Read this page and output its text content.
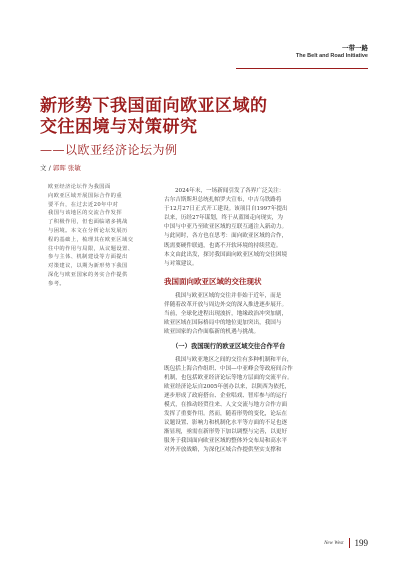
一带一路
The Belt and Road Initiative
新形势下我国面向欧亚区域的
交往困境与对策研究
——以欧亚经济论坛为例
文 / 郭晖 张敏
欧亚经济论坛作为我国面
向欧亚区域开展国际合作的重
要平台，在过去近20年中对
我国与该地区的交流合作发挥
了积极作用，但也面临诸多挑战
与困境。本文在分析论坛发展历
程的基础上，梳理其在欧亚区域交
往中的作用与局限，从议题设置、
参与主体、机制建设等方面提出
对策建议，以期为新形势下我国
深化与欧亚国家的务实合作提供
参考。

2024年末，一场新闻引发了各界广泛关注：

古尔吉斯斯坦总统扎帕罗夫宣布，中吉乌铁路将

于12月27日正式开工建设。该项目自1997年提出

以来，历经27年谋划，终于从蓝图走向现实，为

中国与中亚乃至欧亚区域的互联互通注入新动力。

与此同时，各方也在思考：面向欧亚区域的合作，

既需要硬件联通，也离不开软环境的持续营造。

本文由此出发，探讨我国面向欧亚区域的交往困境

与对策建议。

我国面向欧亚区域的交往现状

我国与欧亚区域的交往并非始于近年，而是

伴随着改革开放与周边外交的深入推进逐步展开。

当前，全球化进程出现波折，地缘政治冲突加剧，

欧亚区域在国际格局中的地位更加突出，我国与

欧亚国家的合作面临新的机遇与挑战。

（一）我国现行的欧亚区域交往合作平台

我国与欧亚地区之间的交往有多种机制和平台，

既包括上海合作组织、中国—中亚峰会等政府间合作

机制，也包括欧亚经济论坛等地方层面的交流平台。

欧亚经济论坛自2005年创办以来，以陕西为依托，

逐步形成了政府搭台、企业唱戏、智库参与的运行

模式，在推动经贸往来、人文交流与地方合作方面

发挥了重要作用。然而，随着形势的变化，论坛在

议题设置、影响力和机制化水平等方面的不足也逐

渐显现，亟需在新形势下加以调整与完善，以更好

服务于我国面向欧亚区域的整体外交布局和高水平

对外开放战略，为深化区域合作提供坚实支撑和

New West 199
